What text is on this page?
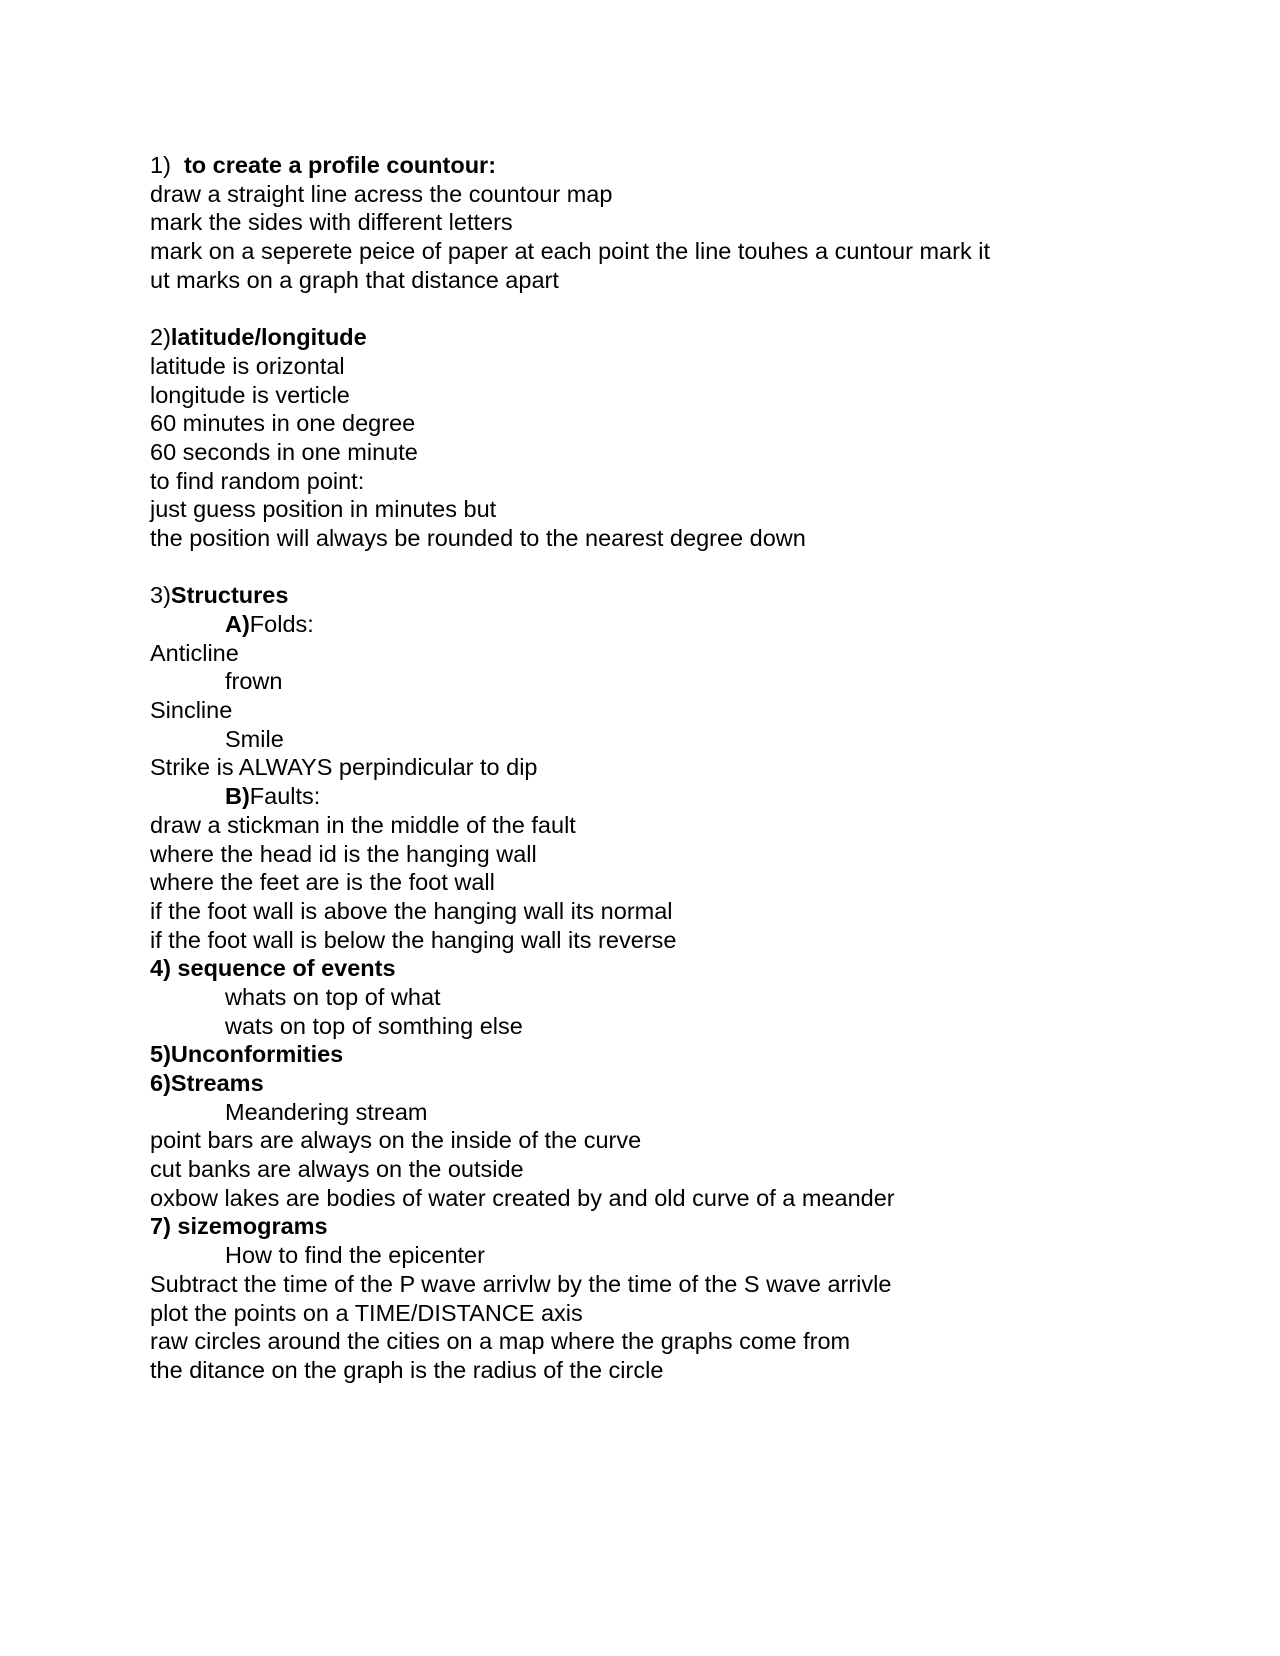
1)  to create a profile countour:
draw a straight line acress the countour map
mark the sides with different letters
mark on a seperete peice of paper at each point the line touhes a cuntour mark it
ut marks on a graph that distance apart
2)latitude/longitude
latitude is orizontal
longitude is verticle
60 minutes in one degree
60 seconds in one minute
to find random point:
just guess position in minutes but
the position will always be rounded to the nearest degree down
3)Structures
A)Folds:
Anticline
frown
Sincline
Smile
Strike is ALWAYS perpindicular to dip
B)Faults:
draw a stickman in the middle of the fault
where the head id is the hanging wall
where the feet are is the foot wall
if the foot wall is above the hanging wall its normal
if the foot wall is below the hanging wall its reverse
4) sequence of events
whats on top of what
wats on top of somthing else
5)Unconformities
6)Streams
Meandering stream
point bars are always on the inside of the curve
cut banks are always on the outside
oxbow lakes are bodies of water created by and old curve of a meander
7) sizemograms
How to find the epicenter
Subtract the time of the P wave arrivlw by the time of the S wave arrivle
plot the points on a TIME/DISTANCE axis
raw circles around the cities on a map where the graphs come from
the ditance on the graph is the radius of the circle
